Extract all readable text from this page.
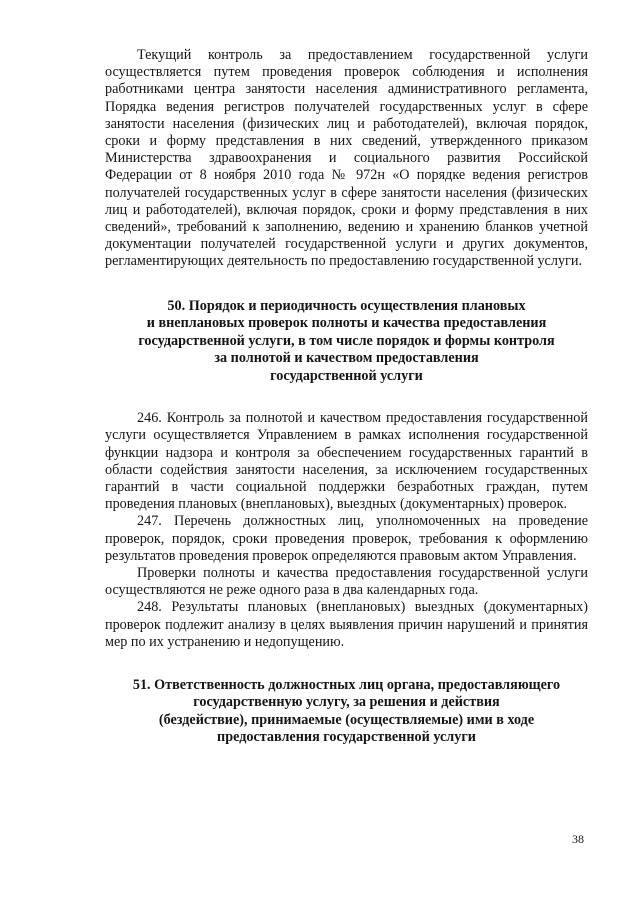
Текущий контроль за предоставлением государственной услуги осуществляется путем проведения проверок соблюдения и исполнения работниками центра занятости населения административного регламента, Порядка ведения регистров получателей государственных услуг в сфере занятости населения (физических лиц и работодателей), включая порядок, сроки и форму представления в них сведений, утвержденного приказом Министерства здравоохранения и социального развития Российской Федерации от 8 ноября 2010 года № 972н «О порядке ведения регистров получателей государственных услуг в сфере занятости населения (физических лиц и работодателей), включая порядок, сроки и форму представления в них сведений», требований к заполнению, ведению и хранению бланков учетной документации получателей государственной услуги и других документов, регламентирующих деятельность по предоставлению государственной услуги.

50. Порядок и периодичность осуществления плановых
и внеплановых проверок полноты и качества предоставления
государственной услуги, в том числе порядок и формы контроля
за полнотой и качеством предоставления
государственной услуги

246. Контроль за полнотой и качеством предоставления государственной услуги осуществляется Управлением в рамках исполнения государственной функции надзора и контроля за обеспечением государственных гарантий в области содействия занятости населения, за исключением государственных гарантий в части социальной поддержки безработных граждан, путем проведения плановых (внеплановых), выездных (документарных) проверок.

247. Перечень должностных лиц, уполномоченных на проведение проверок, порядок, сроки проведения проверок, требования к оформлению результатов проведения проверок определяются правовым актом Управления.

Проверки полноты и качества предоставления государственной услуги осуществляются не реже одного раза в два календарных года.

248. Результаты плановых (внеплановых) выездных (документарных) проверок подлежит анализу в целях выявления причин нарушений и принятия мер по их устранению и недопущению.

51. Ответственность должностных лиц органа, предоставляющего
государственную услугу, за решения и действия
(бездействие), принимаемые (осуществляемые) ими в ходе
предоставления государственной услуги
38
